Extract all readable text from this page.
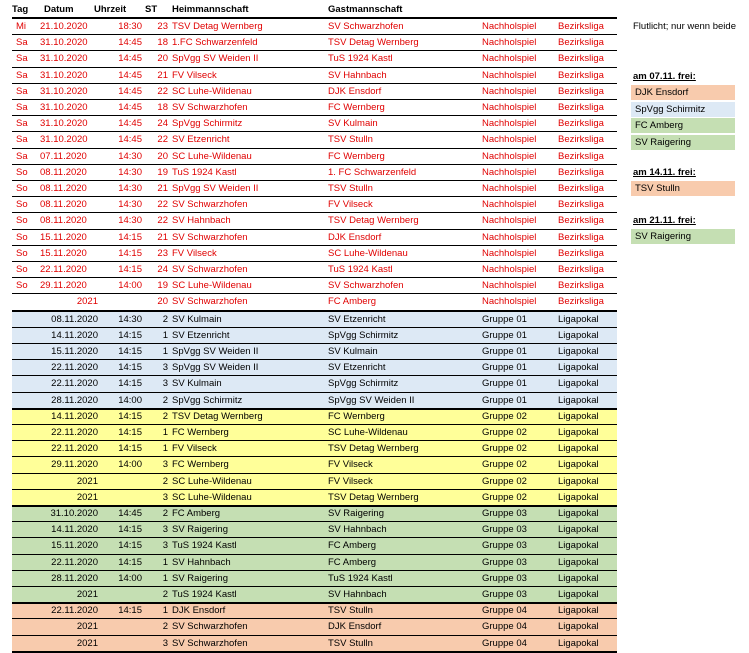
Tag	Datum	Uhrzeit	ST	Heimmannschaft	Gastmannschaft
Mi	21.10.2020	18:30	23 TSV Detag Wernberg	SV Schwarzhofen	Nachholspiel	Bezirksliga
Sa	31.10.2020	14:45	18 1.FC Schwarzenfeld	TSV Detag Wernberg	Nachholspiel	Bezirksliga
Sa	31.10.2020	14:45	20 SpVgg SV Weiden II	TuS 1924 Kastl	Nachholspiel	Bezirksliga
Sa	31.10.2020	14:45	21 FV Vilseck	SV Hahnbach	Nachholspiel	Bezirksliga
Sa	31.10.2020	14:45	22 SC Luhe-Wildenau	DJK Ensdorf	Nachholspiel	Bezirksliga
Sa	31.10.2020	14:45	18 SV Schwarzhofen	FC Wernberg	Nachholspiel	Bezirksliga
Sa	31.10.2020	14:45	24 SpVgg Schirmitz	SV Kulmain	Nachholspiel	Bezirksliga
Sa	31.10.2020	14:45	22 SV Etzenricht	TSV Stulln	Nachholspiel	Bezirksliga
Sa	07.11.2020	14:30	20 SC Luhe-Wildenau	FC Wernberg	Nachholspiel	Bezirksliga
So	08.11.2020	14:30	19 TuS 1924 Kastl	1. FC Schwarzenfeld	Nachholspiel	Bezirksliga
So	08.11.2020	14:30	21 SpVgg SV Weiden II	TSV Stulln	Nachholspiel	Bezirksliga
So	08.11.2020	14:30	22 SV Schwarzhofen	FV Vilseck	Nachholspiel	Bezirksliga
So	08.11.2020	14:30	22 SV Hahnbach	TSV Detag Wernberg	Nachholspiel	Bezirksliga
So	15.11.2020	14:15	21 SV Schwarzhofen	DJK Ensdorf	Nachholspiel	Bezirksliga
So	15.11.2020	14:15	23 FV Vilseck	SC Luhe-Wildenau	Nachholspiel	Bezirksliga
So	22.11.2020	14:15	24 SV Schwarzhofen	TuS 1924 Kastl	Nachholspiel	Bezirksliga
So	29.11.2020	14:00	19 SC Luhe-Wildenau	SV Schwarzhofen	Nachholspiel	Bezirksliga
2021	20 SV Schwarzhofen	FC Amberg	Nachholspiel	Bezirksliga
08.11.2020	14:30	2 SV Kulmain	SV Etzenricht	Gruppe 01	Ligapokal
14.11.2020	14:15	1 SV Etzenricht	SpVgg Schirmitz	Gruppe 01	Ligapokal
15.11.2020	14:15	1 SpVgg SV Weiden II	SV Kulmain	Gruppe 01	Ligapokal
22.11.2020	14:15	3 SpVgg SV Weiden II	SV Etzenricht	Gruppe 01	Ligapokal
22.11.2020	14:15	3 SV Kulmain	SpVgg Schirmitz	Gruppe 01	Ligapokal
28.11.2020	14:00	2 SpVgg Schirmitz	SpVgg SV Weiden II	Gruppe 01	Ligapokal
14.11.2020	14:15	2 TSV Detag Wernberg	FC Wernberg	Gruppe 02	Ligapokal
22.11.2020	14:15	1 FC Wernberg	SC Luhe-Wildenau	Gruppe 02	Ligapokal
22.11.2020	14:15	1 FV Vilseck	TSV Detag Wernberg	Gruppe 02	Ligapokal
29.11.2020	14:00	3 FC Wernberg	FV Vilseck	Gruppe 02	Ligapokal
2021	2 SC Luhe-Wildenau	FV Vilseck	Gruppe 02	Ligapokal
2021	3 SC Luhe-Wildenau	TSV Detag Wernberg	Gruppe 02	Ligapokal
31.10.2020	14:45	2 FC Amberg	SV Raigering	Gruppe 03	Ligapokal
14.11.2020	14:15	3 SV Raigering	SV Hahnbach	Gruppe 03	Ligapokal
15.11.2020	14:15	3 TuS 1924 Kastl	FC Amberg	Gruppe 03	Ligapokal
22.11.2020	14:15	1 SV Hahnbach	FC Amberg	Gruppe 03	Ligapokal
28.11.2020	14:00	1 SV Raigering	TuS 1924 Kastl	Gruppe 03	Ligapokal
2021	2 TuS 1924 Kastl	SV Hahnbach	Gruppe 03	Ligapokal
22.11.2020	14:15	1 DJK Ensdorf	TSV Stulln	Gruppe 04	Ligapokal
2021	2 SV Schwarzhofen	DJK Ensdorf	Gruppe 04	Ligapokal
2021	3 SV Schwarzhofen	TSV Stulln	Gruppe 04	Ligapokal
Flutlicht; nur wenn beide
am 07.11. frei:
DJK Ensdorf
SpVgg Schirmitz
FC Amberg
SV Raigering
am 14.11. frei:
TSV Stulln
am 21.11. frei:
SV Raigering
